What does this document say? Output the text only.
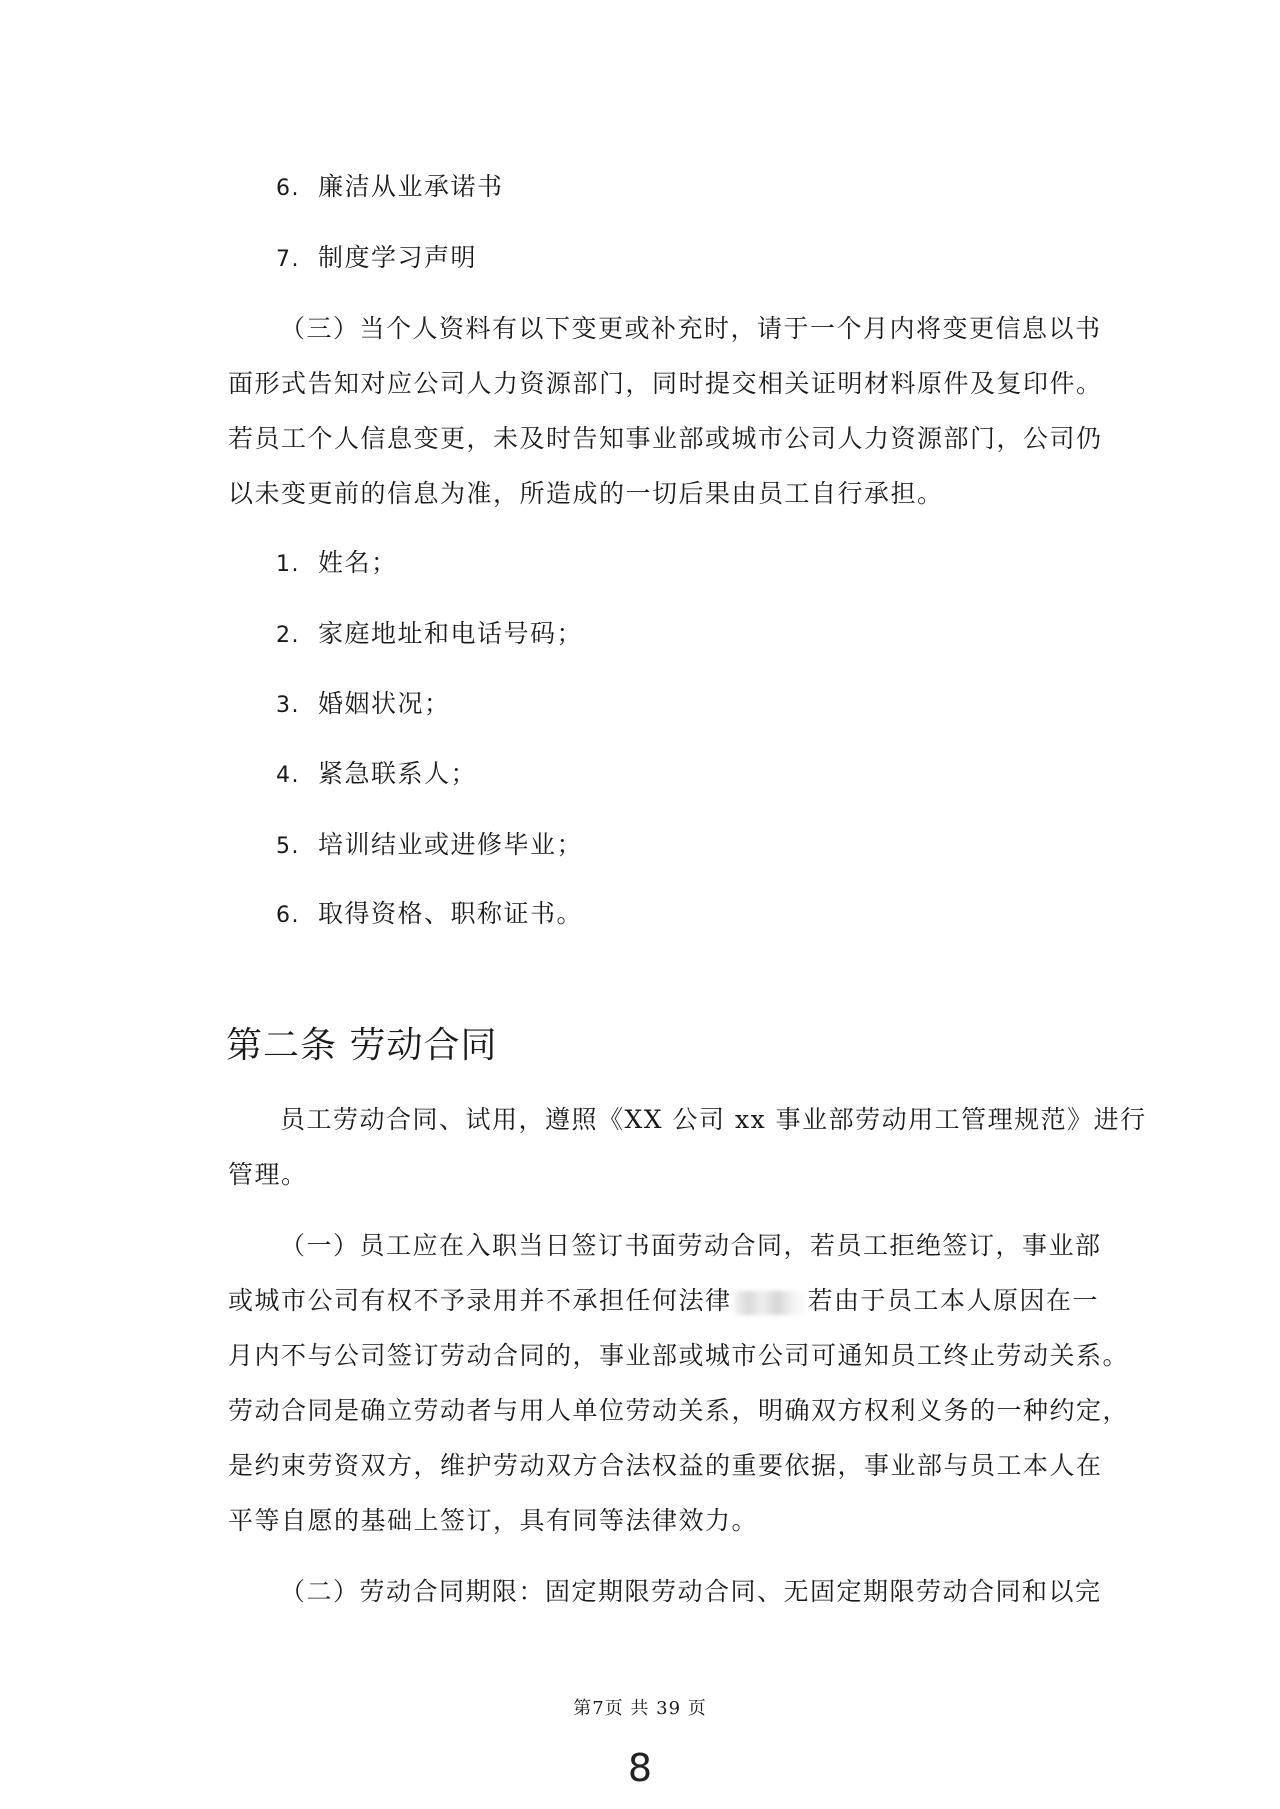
6. 廉洁从业承诺书
7. 制度学习声明
（三）当个人资料有以下变更或补充时，请于一个月内将变更信息以书
面形式告知对应公司人力资源部门，同时提交相关证明材料原件及复印件。
若员工个人信息变更，未及时告知事业部或城市公司人力资源部门，公司仍
以未变更前的信息为准，所造成的一切后果由员工自行承担。
1. 姓名；
2. 家庭地址和电话号码；
3. 婚姻状况；
4. 紧急联系人；
5. 培训结业或进修毕业；
6. 取得资格、职称证书。
第二条 劳动合同
员工劳动合同、试用，遵照《XX 公司 xx 事业部劳动用工管理规范》进行
管理。
（一）员工应在入职当日签订书面劳动合同，若员工拒绝签订，事业部
或城市公司有权不予录用并不承担任何法律	若由于员工本人原因在一
月内不与公司签订劳动合同的，事业部或城市公司可通知员工终止劳动关系。
劳动合同是确立劳动者与用人单位劳动关系，明确双方权利义务的一种约定，
是约束劳资双方，维护劳动双方合法权益的重要依据，事业部与员工本人在
平等自愿的基础上签订，具有同等法律效力。
（二）劳动合同期限：固定期限劳动合同、无固定期限劳动合同和以完
第7页 共 39 页
8
